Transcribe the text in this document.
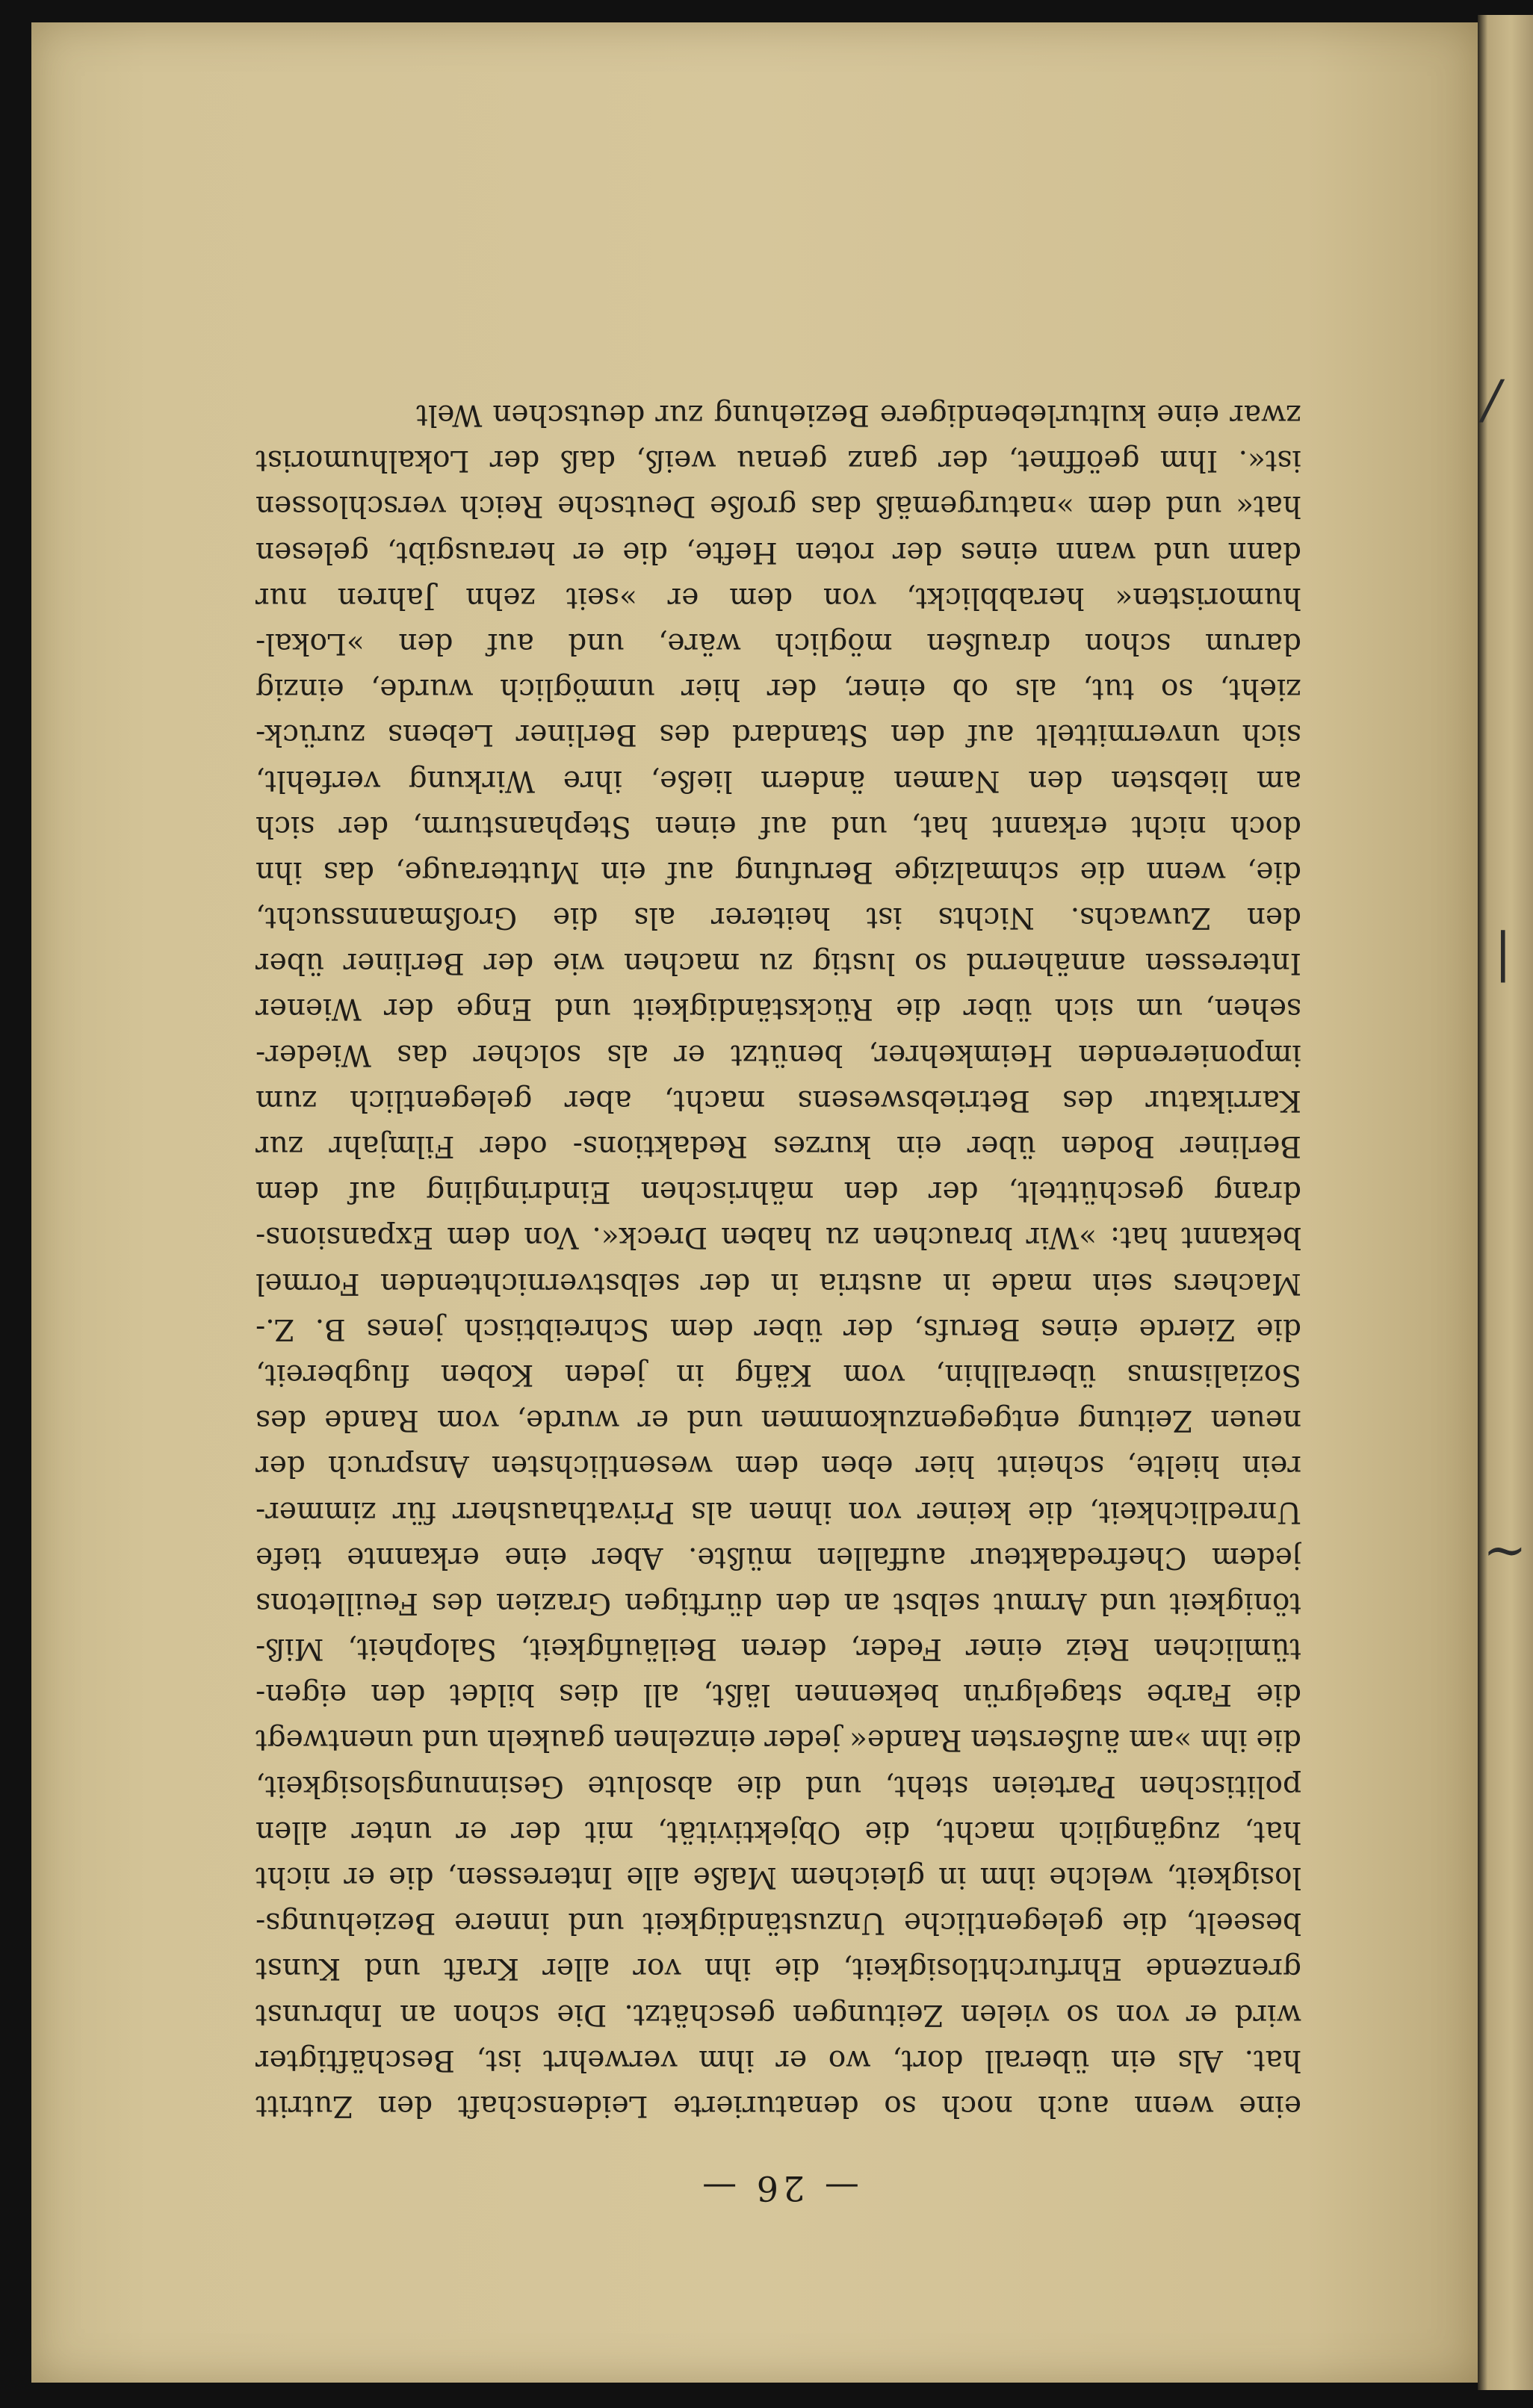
— 26 —
eine
wenn
auch
noch
so
denaturierte
Leidenschaft
den
Zutritt
hat.
Als
ein
überall
dort,
wo
er
ihm
verwehrt
ist,
Beschäftigter
wird
er
von
so
vielen
Zeitungen
geschätzt.
Die
schon
an
Inbrunst
grenzende
Ehrfurchtlosigkeit,
die
ihn
vor
aller
Kraft
und
Kunst
beseelt,
die
gelegentliche
Unzuständigkeit
und
innere
Beziehungs-
losigkeit,
welche
ihm
in
gleichem
Maße
alle
Interessen,
die
er
nicht
hat,
zugänglich
macht,
die
Objektivität,
mit
der
er
unter
allen
politischen
Parteien
steht,
und
die
absolute
Gesinnungslosigkeit,
die
ihn
»am
äußersten
Rande«
jeder
einzelnen
gaukeln
und
unentwegt
die
Farbe
stagelgrün
bekennen
läßt,
all
dies
bildet
den
eigen-
tümlichen
Reiz
einer
Feder,
deren
Beiläufigkeit,
Salopheit,
Miß-
tönigkeit
und
Armut
selbst
an
den
dürftigen
Grazien
des
Feuilletons
jedem
Chefredakteur
auffallen
müßte.
Aber
eine
erkannte
tiefe
Unredlichkeit,
die
keiner
von
ihnen
als
Privathausherr
für
zimmer-
rein
hielte,
scheint
hier
eben
dem
wesentlichsten
Anspruch
der
neuen
Zeitung
entgegenzukommen
und
er
wurde,
vom
Rande
des
Sozialismus
überallhin,
vom
Käfig
in
jeden
Koben
flugbereit,
die
Zierde
eines
Berufs,
der
über
dem
Schreibtisch
jenes
B.
Z.-
Machers
sein
made
in
austria
in
der
selbstvernichtenden
Formel
bekannt
hat:
»Wir
brauchen
zu
haben
Dreck«.
Von
dem
Expansions-
drang
geschüttelt,
der
den
mährischen
Eindringling
auf
dem
Berliner
Boden
über
ein
kurzes
Redaktions-
oder
Filmjahr
zur
Karrikatur
des
Betriebswesens
macht,
aber
gelegentlich
zum
imponierenden
Heimkehrer,
benützt
er
als
solcher
das
Wieder-
sehen,
um
sich
über
die
Rückständigkeit
und
Enge
der
Wiener
Interessen
annähernd
so
lustig
zu
machen
wie
der
Berliner
über
den
Zuwachs.
Nichts
ist
heiterer
als
die
Großmannssucht,
die,
wenn
die
schmalzige
Berufung
auf
ein
Mutterauge,
das
ihn
doch
nicht
erkannt
hat,
und
auf
einen
Stephansturm,
der
sich
am
liebsten
den
Namen
ändern
ließe,
ihre
Wirkung
verfehlt,
sich
unvermittelt
auf
den
Standard
des
Berliner
Lebens
zurück-
zieht,
so
tut,
als
ob
einer,
der
hier
unmöglich
wurde,
einzig
darum
schon
draußen
möglich
wäre,
und
auf
den
»Lokal-
humoristen«
herabblickt,
von
dem
er
»seit
zehn
Jahren
nur
dann
und
wann
eines
der
roten
Hefte,
die
er
herausgibt,
gelesen
hat«
und
dem
»naturgemäß
das
große
Deutsche
Reich
verschlossen
ist«.
Ihm
geöffnet,
der
ganz
genau
weiß,
daß
der
Lokalhumorist
zwar
eine
kulturlebendigere
Beziehung
zur
deutschen
Welt	/
|
~
